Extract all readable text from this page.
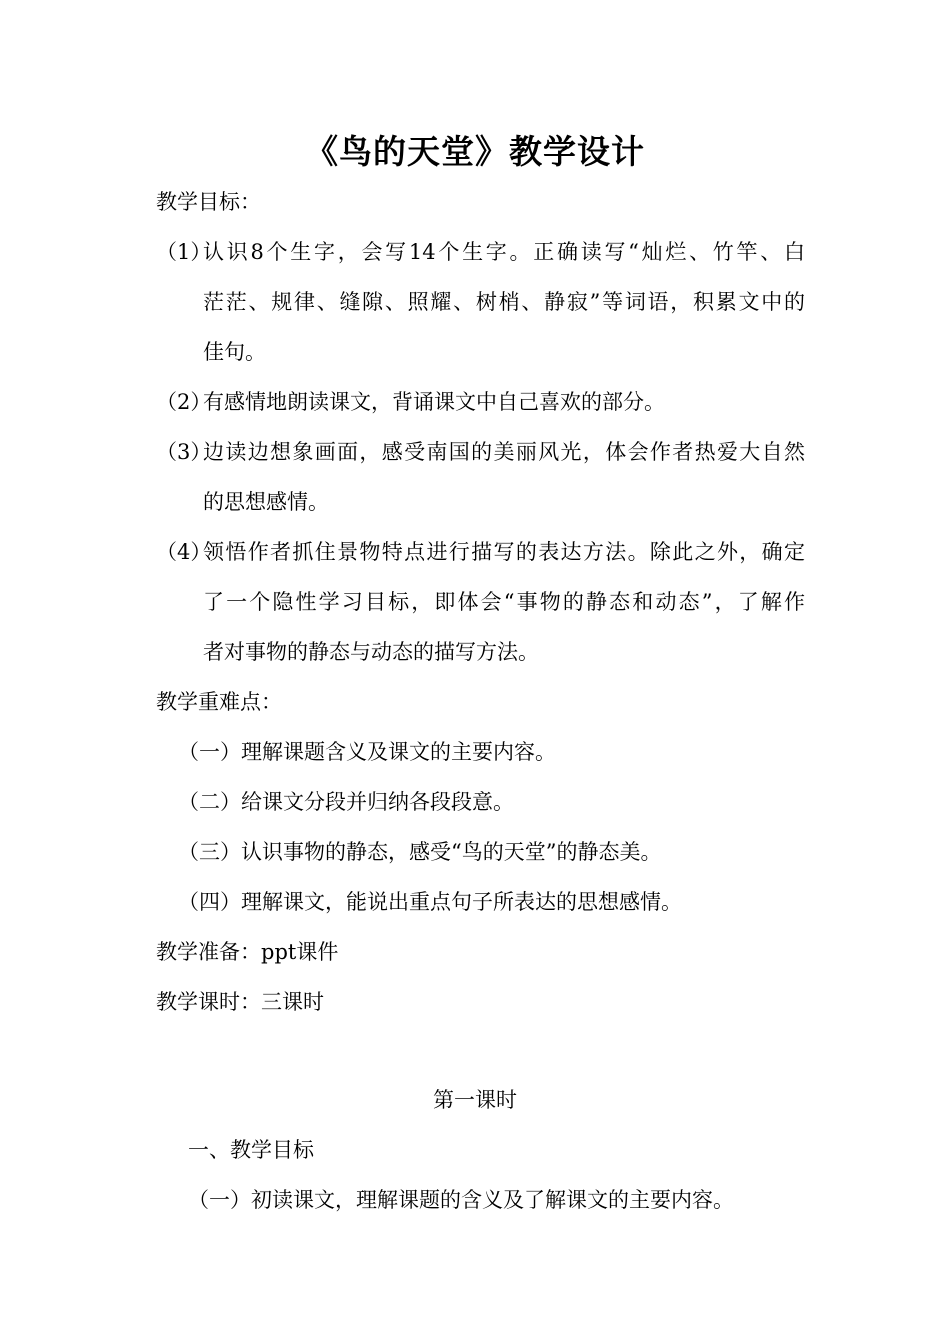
《鸟的天堂》教学设计
教学目标：
（1）
认识8个生字，会写14个生字。正确读写“灿烂、竹竿、白
茫茫、规律、缝隙、照耀、树梢、静寂”等词语，积累文中的
佳句。
（2）
有感情地朗读课文，背诵课文中自己喜欢的部分。
（3）
边读边想象画面，感受南国的美丽风光，体会作者热爱大自然
的思想感情。
（4）
领悟作者抓住景物特点进行描写的表达方法。除此之外，确定
了一个隐性学习目标，即体会“事物的静态和动态”，了解作
者对事物的静态与动态的描写方法。
教学重难点：
（一）理解课题含义及课文的主要内容。
（二）给课文分段并归纳各段段意。
（三）认识事物的静态，感受“鸟的天堂”的静态美。
（四）理解课文，能说出重点句子所表达的思想感情。
教学准备：ppt课件
教学课时：三课时
第一课时
一、教学目标
（一）初读课文，理解课题的含义及了解课文的主要内容。
